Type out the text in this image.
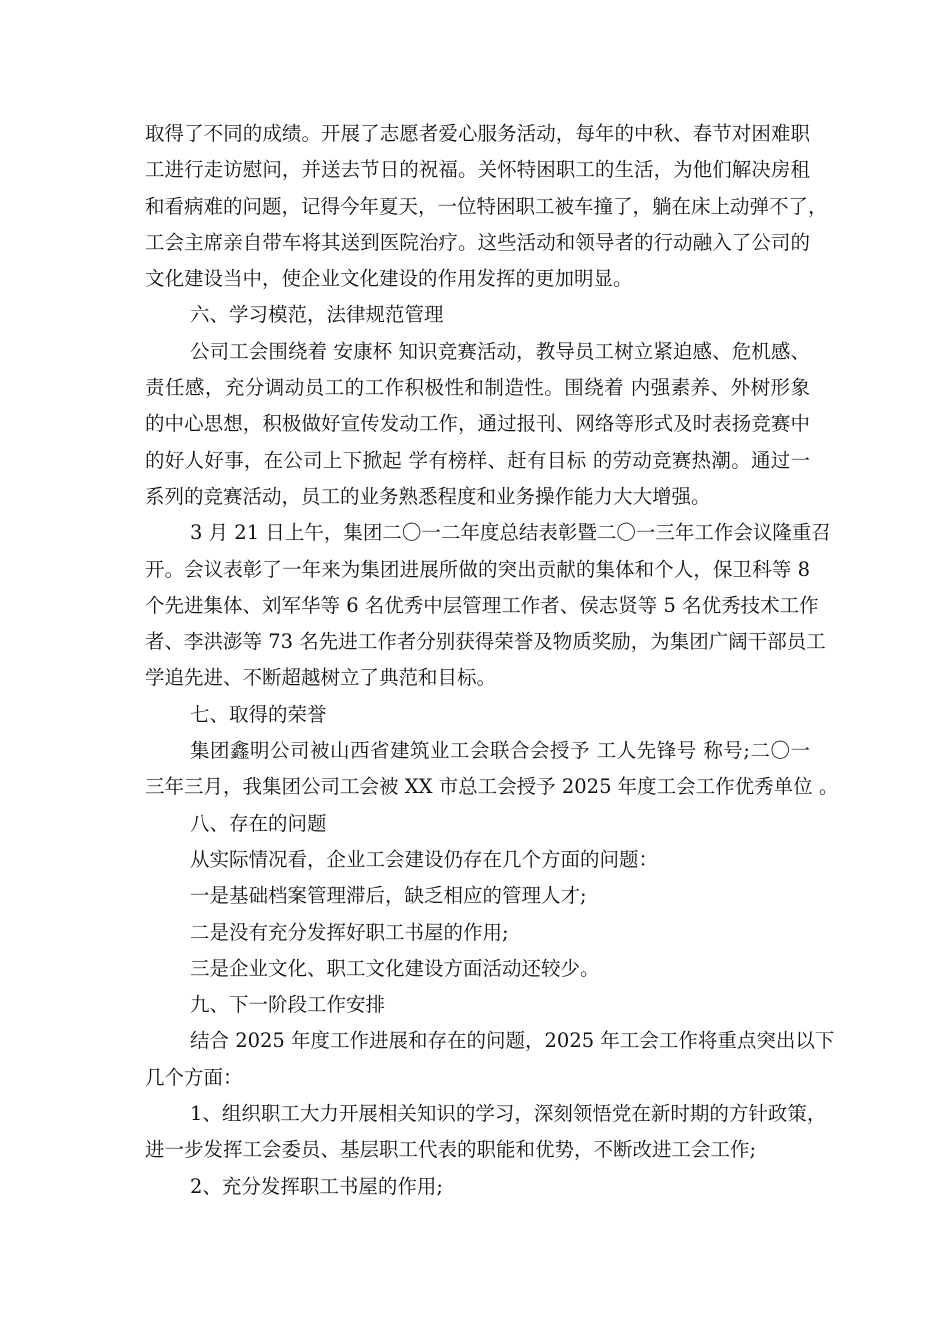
取得了不同的成绩。开展了志愿者爱心服务活动，每年的中秋、春节对困难职
工进行走访慰问，并送去节日的祝福。关怀特困职工的生活，为他们解决房租
和看病难的问题，记得今年夏天，一位特困职工被车撞了，躺在床上动弹不了，
工会主席亲自带车将其送到医院治疗。这些活动和领导者的行动融入了公司的
文化建设当中，使企业文化建设的作用发挥的更加明显。
六、学习模范，法律规范管理
公司工会围绕着 安康杯 知识竞赛活动，教导员工树立紧迫感、危机感、
责任感，充分调动员工的工作积极性和制造性。围绕着 内强素养、外树形象
的中心思想，积极做好宣传发动工作，通过报刊、网络等形式及时表扬竞赛中
的好人好事，在公司上下掀起 学有榜样、赶有目标 的劳动竞赛热潮。通过一
系列的竞赛活动，员工的业务熟悉程度和业务操作能力大大增强。
3 月 21 日上午，集团二〇一二年度总结表彰暨二〇一三年工作会议隆重召
开。会议表彰了一年来为集团进展所做的突出贡献的集体和个人，保卫科等 8
个先进集体、刘军华等 6 名优秀中层管理工作者、侯志贤等 5 名优秀技术工作
者、李洪澎等 73 名先进工作者分别获得荣誉及物质奖励，为集团广阔干部员工
学追先进、不断超越树立了典范和目标。
七、取得的荣誉
集团鑫明公司被山西省建筑业工会联合会授予 工人先锋号 称号;二〇一
三年三月，我集团公司工会被 XX 市总工会授予 2025 年度工会工作优秀单位 。
八、存在的问题
从实际情况看，企业工会建设仍存在几个方面的问题：
一是基础档案管理滞后，缺乏相应的管理人才;
二是没有充分发挥好职工书屋的作用;
三是企业文化、职工文化建设方面活动还较少。
九、下一阶段工作安排
结合 2025 年度工作进展和存在的问题，2025 年工会工作将重点突出以下
几个方面：
1、组织职工大力开展相关知识的学习，深刻领悟党在新时期的方针政策，
进一步发挥工会委员、基层职工代表的职能和优势，不断改进工会工作;
2、充分发挥职工书屋的作用;
